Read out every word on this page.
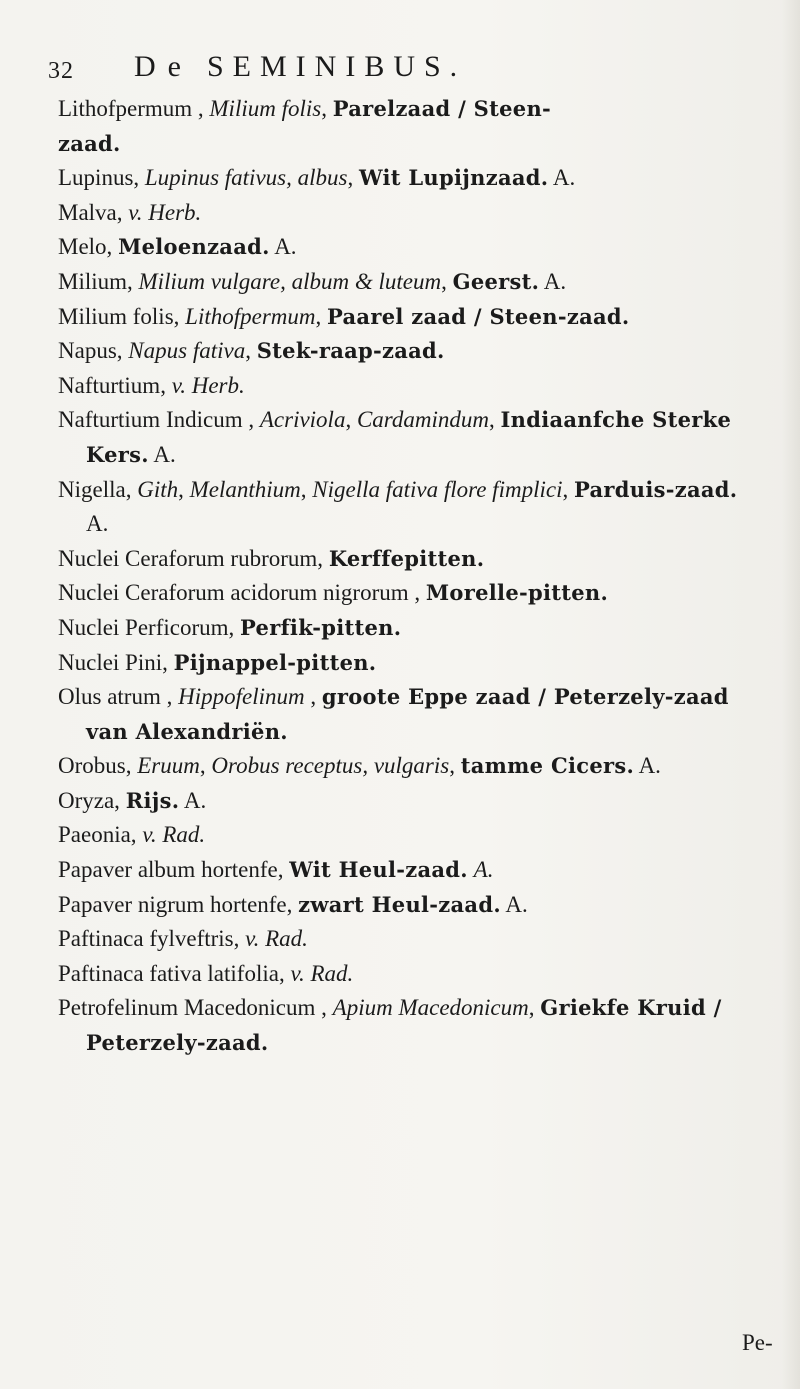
32 De SEMINIBUS.

Lithofpermum , Milium folis, Parelzaad / Steen-

zaad.

Lupinus, Lupinus fativus, albus, Wit Lupijnzaad. A.

Malva, v. Herb.

Melo, Meloenzaad. A.

Milium, Milium vulgare, album & luteum, Geerst. A.

Milium folis, Lithofpermum, Paarel zaad / Steen-zaad.

Napus, Napus fativa, Stek-raap-zaad.

Nafturtium, v. Herb.

Nafturtium Indicum , Acriviola, Cardamindum, Indiaanfche Sterke Kers. A.

Nigella, Gith, Melanthium, Nigella fativa flore fimplici, Parduis-zaad. A.

Nuclei Ceraforum rubrorum, Kerffepitten.

Nuclei Ceraforum acidorum nigrorum , Morelle-pitten.

Nuclei Perficorum, Perfik-pitten.

Nuclei Pini, Pijnappel-pitten.

Olus atrum , Hippofelinum , groote Eppe zaad / Peterzely-zaad van Alexandriën.

Orobus, Eruum, Orobus receptus, vulgaris, tamme Cicers. A.

Oryza, Rijs. A.

Paeonia, v. Rad.

Papaver album hortenfe, Wit Heul-zaad. A.

Papaver nigrum hortenfe, zwart Heul-zaad. A.

Paftinaca fylveftris, v. Rad.

Paftinaca fativa latifolia, v. Rad.

Petrofelinum Macedonicum , Apium Macedonicum, Griekfe Kruid / Peterzely-zaad.

Pe-
